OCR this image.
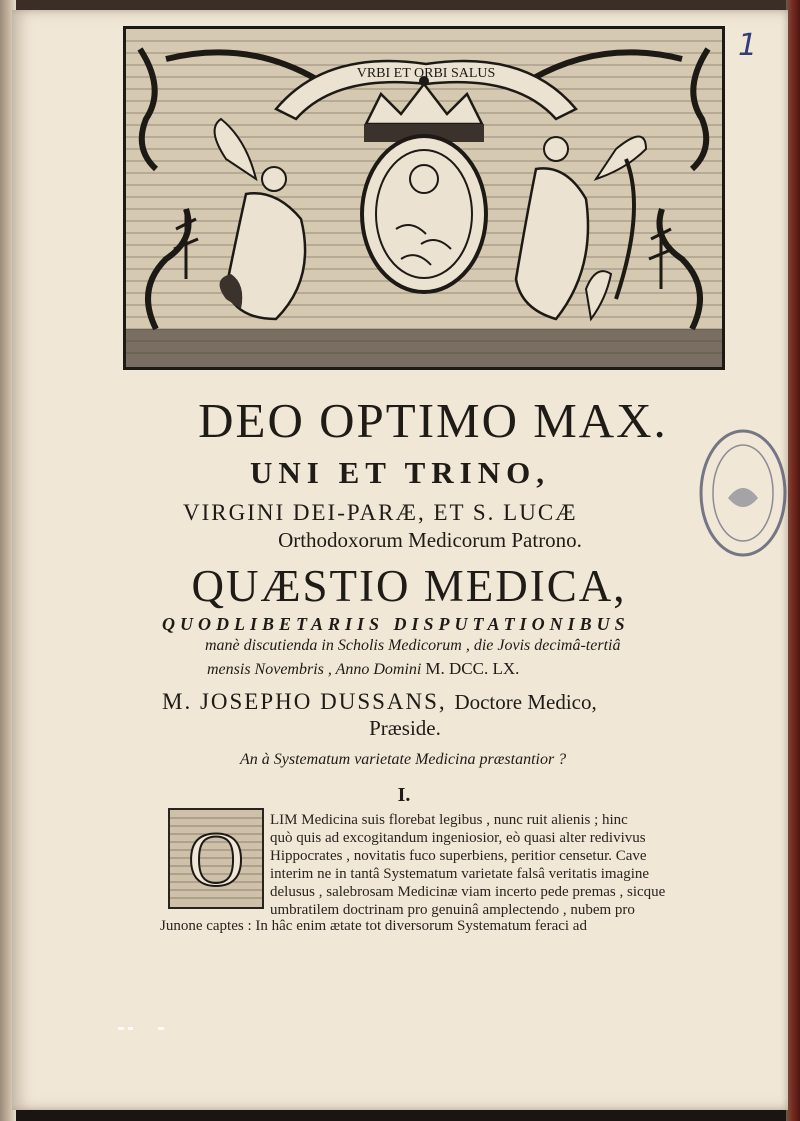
1
VRBI ET ORBI SALUS
DEO OPTIMO MAX.
UNI ET TRINO,
VIRGINI DEI-PARÆ, ET S. LUCÆ
Orthodoxorum Medicorum Patrono.
QUÆSTIO MEDICA,
QUODLIBETARIIS DISPUTATIONIBUS
manè discutienda in Scholis Medicorum , die Jovis decimâ-tertiâ
mensis Novembris , Anno Domini M. DCC. LX.
M. JOSEPHO DUSSANS, Doctore Medico,
Præside.
An à Systematum varietate Medicina præstantior ?
I.
O	LIM Medicina suis florebat legibus , nunc ruit alienis ; hinc
quò quis ad excogitandum ingeniosior, eò quasi alter redivivus
Hippocrates , novitatis fuco superbiens, peritior censetur. Cave
interim ne in tantâ Systematum varietate falsâ veritatis imagine
delusus , salebrosam Medicinæ viam incerto pede premas , sicque
umbratilem doctrinam pro genuinâ amplectendo , nubem pro
Junone captes : In hâc enim ætate tot diversorum Systematum feraci ad
